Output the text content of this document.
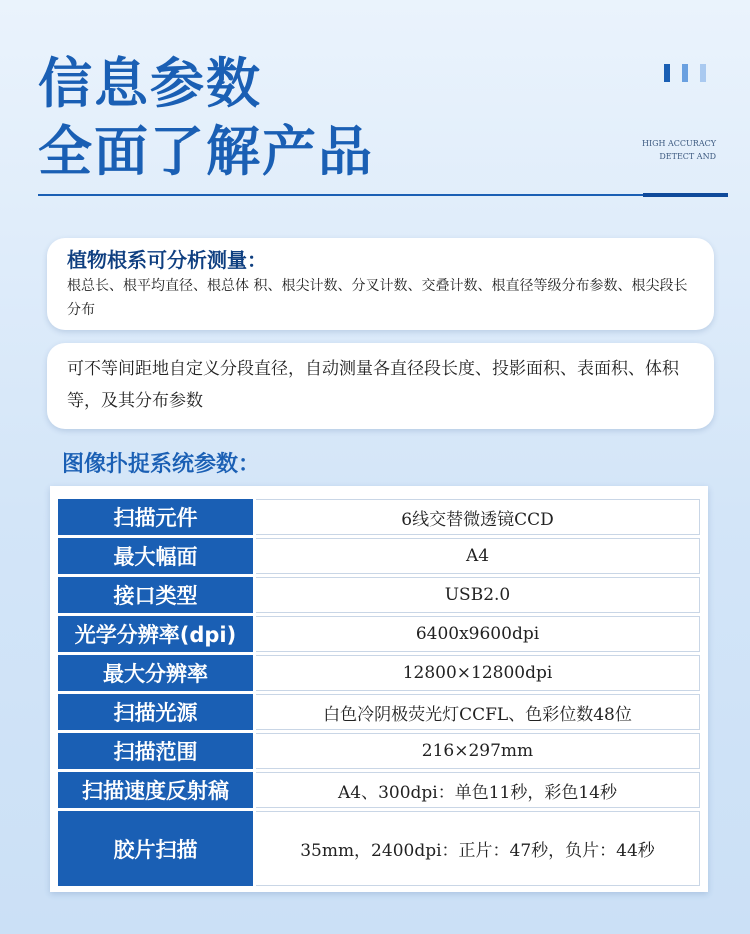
信息参数
全面了解产品	HIGH ACCURACY
DETECT AND
植物根系可分析测量：
根总长、根平均直径、根总体 积、根尖计数、分叉计数、交叠计数、根直径等级分布参数、根尖段长分布
可不等间距地自定义分段直径，自动测量各直径段长度、投影面积、表面积、体积等，及其分布参数
图像扑捉系统参数：
扫描元件	6线交替微透镜CCD
最大幅面	A4
接口类型	USB2.0
光学分辨率(dpi)	6400x9600dpi
最大分辨率	12800×12800dpi
扫描光源	白色冷阴极荧光灯CCFL、色彩位数48位
扫描范围	216×297mm
扫描速度反射稿	A4、300dpi：单色11秒，彩色14秒
胶片扫描	35mm，2400dpi：正片：47秒，负片：44秒
